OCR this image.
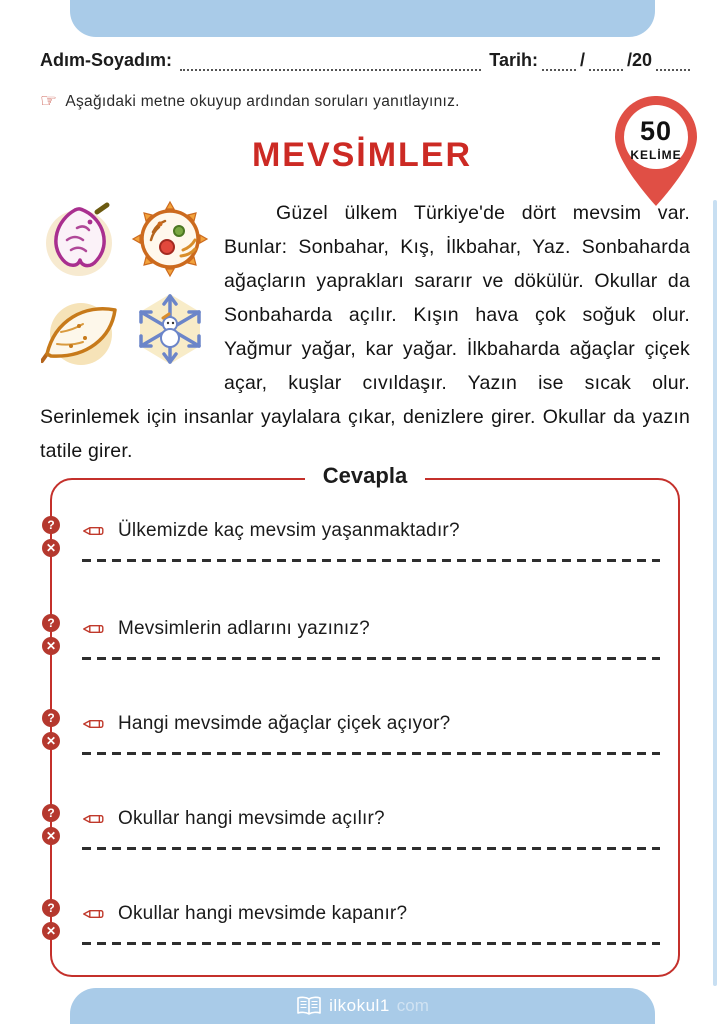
Adım-Soyadım:	Tarih: / /20
☞ Aşağıdaki metne okuyup ardından soruları yanıtlayınız.
50
KELİME
MEVSİMLER

Güzel ülkem Türkiye'de dört mevsim var. Bunlar: Sonbahar, Kış, İlkbahar, Yaz. Sonbaharda ağaçların yaprakları sararır ve dökülür. Okullar da Sonbaharda açılır. Kışın hava çok soğuk olur. Yağmur yağar, kar yağar. İlkbaharda ağaçlar çiçek açar, kuşlar cıvıldaşır. Yazın ise sıcak olur. Serinlemek için insanlar yaylalara çıkar, denizlere girer. Okullar da yazın tatile girer.

Cevapla
?
✕
Ülkemizde kaç mevsim yaşanmaktadır?
?
✕
Mevsimlerin adlarını yazınız?
?
✕
Hangi mevsimde ağaçlar çiçek açıyor?
?
✕
Okullar hangi mevsimde açılır?
?
✕
Okullar hangi mevsimde kapanır?
ilkokul1 com
